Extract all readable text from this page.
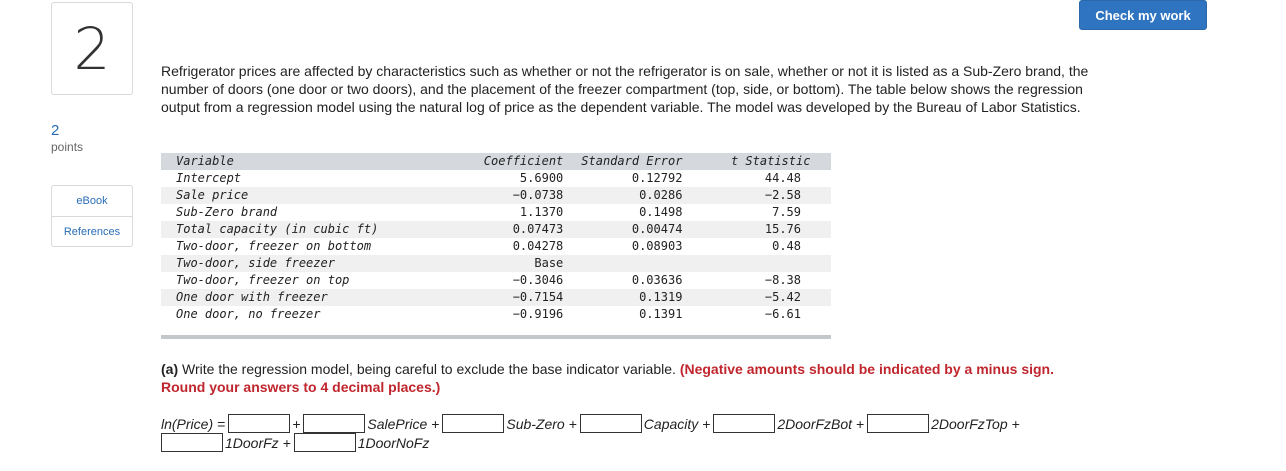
2
2
points
eBook
References
Check my work
Refrigerator prices are affected by characteristics such as whether or not the refrigerator is on sale, whether or not it is listed as a Sub-Zero brand, the number of doors (one door or two doors), and the placement of the freezer compartment (top, side, or bottom). The table below shows the regression output from a regression model using the natural log of price as the dependent variable. The model was developed by the Bureau of Labor Statistics.
Variable	Coefficient	Standard Error	t Statistic
Intercept	5.6900	0.12792	44.48
Sale price	−0.0738	0.0286	−2.58
Sub-Zero brand	1.1370	0.1498	7.59
Total capacity (in cubic ft)	0.07473	0.00474	15.76
Two-door, freezer on bottom	0.04278	0.08903	0.48
Two-door, side freezer	Base		
Two-door, freezer on top	−0.3046	0.03636	−8.38
One door with freezer	−0.7154	0.1319	−5.42
One door, no freezer	−0.9196	0.1391	−6.61
(a) Write the regression model, being careful to exclude the base indicator variable. (Negative amounts should be indicated by a minus sign. Round your answers to 4 decimal places.)
ln(Price) =	+	SalePrice +	Sub-Zero +	Capacity +	2DoorFzBot +	2DoorFzTop +
1DoorFz +	1DoorNoFz
